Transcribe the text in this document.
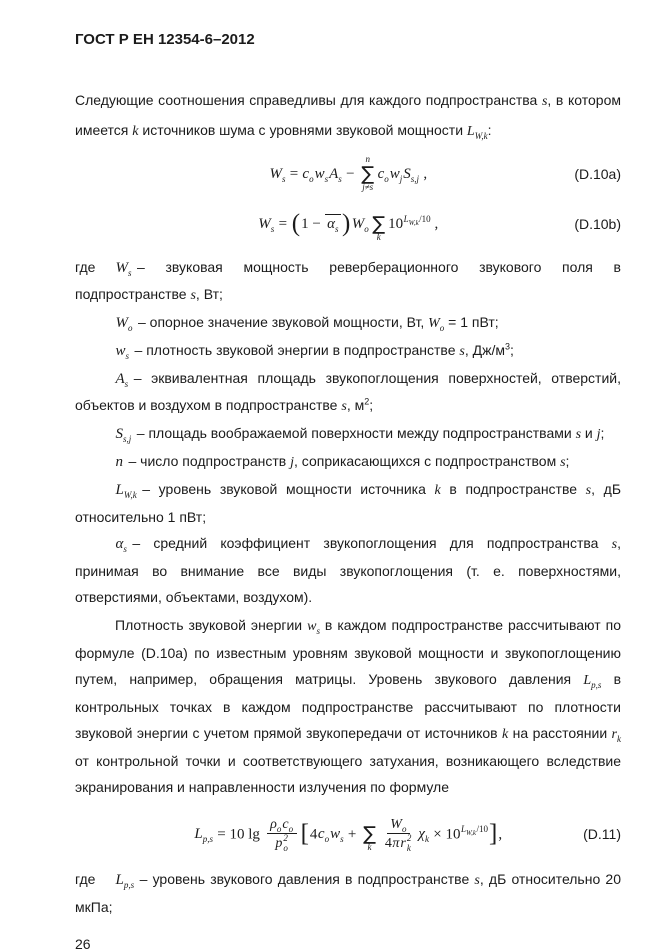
ГОСТ Р ЕН 12354-6–2012

Следующие соотношения справедливы для каждого подпространства s, в котором имеется k источников шума с уровнями звуковой мощности $L_{W,k}$:

$W_s = c_ow_sA_s$ −
n
∑
j≠s
$c_ow_jS_{s,j}$ ,	(D.10a)
$W_s = (1 - \alpha_s$ ) $W_o$ ∑
k
$10^{L_{W,k}/10}$ ,	(D.10b)

где $W_s$ – звуковая мощность реверберационного звукового поля в подпространстве s, Вт;

$W_o$ – опорное значение звуковой мощности, Вт, $W_o = 1$ пВт;

$w_s$ – плотность звуковой энергии в подпространстве s, $Дж/м^3$;

$A_s$ – эквивалентная площадь звукопоглощения поверхностей, отверстий, объектов и воздухом в подпространстве s, $м^2$;

$S_{s,j}$ – площадь воображаемой поверхности между подпространствами s и j;

n – число подпространств j, соприкасающихся с подпространством s;

$L_{W,k}$ – уровень звуковой мощности источника k в подпространстве s, дБ относительно 1 пВт;

$\alpha_s$ – средний коэффициент звукопоглощения для подпространства s, принимая во внимание все виды звукопоглощения (т. е. поверхностями, отверстиями, объектами, воздухом).

Плотность звуковой энергии $w_s$ в каждом подпространстве рассчитывают по формуле (D.10a) по известным уровням звуковой мощности и звукопоглощению путем, например, обращения матрицы. Уровень звукового давления $L_{p,s}$ в контрольных точках в каждом подпространстве рассчитывают по плотности звуковой энергии с учетом прямой звукопередачи от источников k на расстоянии $r_k$ от контрольной точки и соответствующего затухания, возникающего вследствие экранирования и направленности излучения по формуле

$L_{p,s} = 10$ $\lg \rho_oc_o$
p 2
o [$4c_ow_s$ + ∑
k $W_o$
4πr 2
k $\chi_k \times 10^{L_{W,k}/10}$],	(D.11)

где $L_{p,s}$ – уровень звукового давления в подпространстве s, дБ относительно 20 мкПа;

26
